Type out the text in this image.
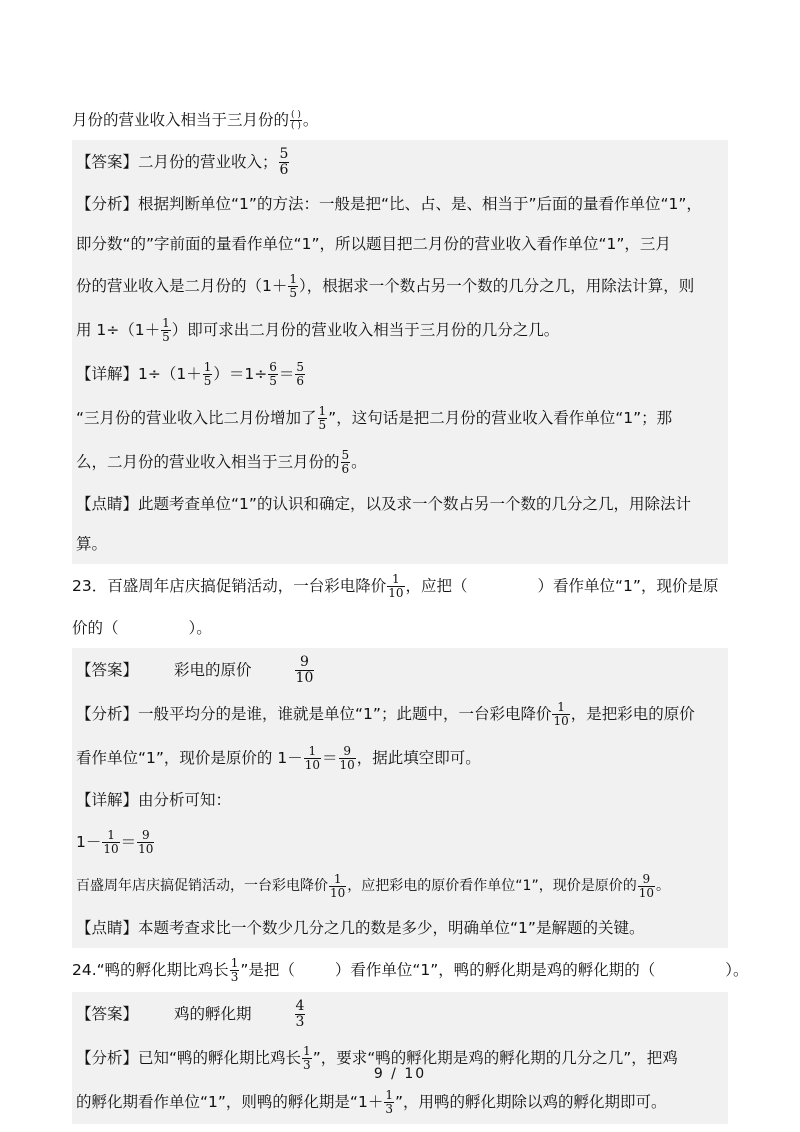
月份的营业收入相当于三月份的 $\frac{( )}{( )}$ 。
【答案】二月份的营业收入； $\frac{5}{6}$
【分析】根据判断单位“1”的方法：一般是把“比、占、是、相当于”后面的量看作单位“1”，
即分数“的”字前面的量看作单位“1”，所以题目把二月份的营业收入看作单位“1”，三月
份的营业收入是二月份的（$1+ \frac{1}{5}$ ），根据求一个数占另一个数的几分之几，用除法计算，则
用 $1\div(1+ \frac{1}{5}$ ）即可求出二月份的营业收入相当于三月份的几分之几。
【详解】$1\div(1+ \frac{1}{5} )=1\div \frac{6}{5} = \frac{5}{6}$
“三月份的营业收入比二月份增加了 $\frac{1}{5}$ ”，这句话是把二月份的营业收入看作单位“1”；那
么，二月份的营业收入相当于三月份的 $\frac{5}{6}$ 。
【点睛】此题考查单位“1”的认识和确定，以及求一个数占另一个数的几分之几，用除法计
算。
23．百盛周年店庆搞促销活动，一台彩电降价 $\frac{1}{10}$ ，应把（	）看作单位“1”，现价是原
价的（	）。
【答案】 彩电的原价	$\frac{9}{10}$
【分析】一般平均分的是谁，谁就是单位“1”；此题中，一台彩电降价 $\frac{1}{10}$ ，是把彩电的原价
看作单位“1”，现价是原价的 $1- \frac{1}{10} = \frac{9}{10}$ ，据此填空即可。
【详解】由分析可知：
$1- \frac{1}{10} = \frac{9}{10}$
百盛周年店庆搞促销活动，一台彩电降价 $\frac{1}{10}$ ，应把彩电的原价看作单位“1”，现价是原价的 $\frac{9}{10}$ 。
【点睛】本题考查求比一个数少几分之几的数是多少，明确单位“1”是解题的关键。
24.“鸭的孵化期比鸡长 $\frac{1}{3}$ ”是把（	）看作单位“1”，鸭的孵化期是鸡的孵化期的（	）。
【答案】 鸡的孵化期	$\frac{4}{3}$
【分析】已知“鸭的孵化期比鸡长 $\frac{1}{3}$ ”，要求“鸭的孵化期是鸡的孵化期的几分之几”，把鸡
的孵化期看作单位“1”，则鸭的孵化期是“$1+ \frac{1}{3}$ ”，用鸭的孵化期除以鸡的孵化期即可。
9 / 10
